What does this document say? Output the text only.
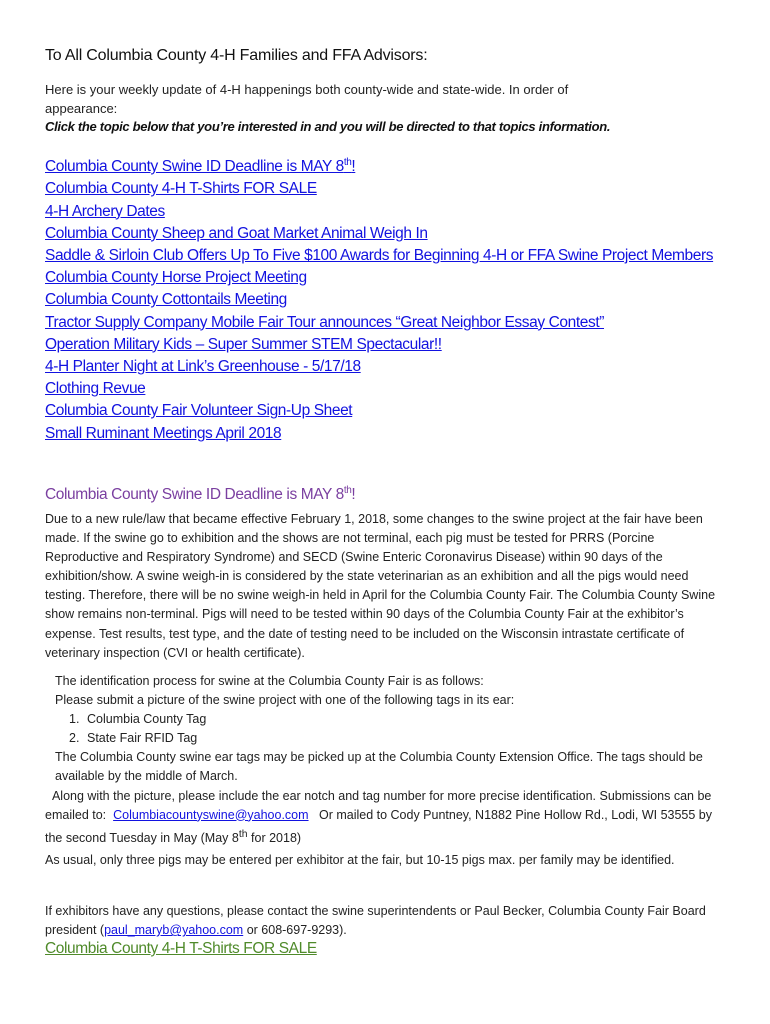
To All Columbia County 4-H Families and FFA Advisors:
Here is your weekly update of 4-H happenings both county-wide and state-wide. In order of appearance:
Click the topic below that you’re interested in and you will be directed to that topics information.
Columbia County Swine ID Deadline is MAY 8th!
Columbia County 4-H T-Shirts FOR SALE
4-H Archery Dates
Columbia County Sheep and Goat Market Animal Weigh In
Saddle & Sirloin Club Offers Up To Five $100 Awards for Beginning 4-H or FFA Swine Project Members
Columbia County Horse Project Meeting
Columbia County Cottontails Meeting
Tractor Supply Company Mobile Fair Tour announces “Great Neighbor Essay Contest”
Operation Military Kids – Super Summer STEM Spectacular!!
4-H Planter Night at Link’s Greenhouse - 5/17/18
Clothing Revue
Columbia County Fair Volunteer Sign-Up Sheet
Small Ruminant Meetings April 2018
Columbia County Swine ID Deadline is MAY 8th!

Due to a new rule/law that became effective February 1, 2018, some changes to the swine project at the fair have been made. If the swine go to exhibition and the shows are not terminal, each pig must be tested for PRRS (Porcine Reproductive and Respiratory Syndrome) and SECD (Swine Enteric Coronavirus Disease) within 90 days of the exhibition/show. A swine weigh-in is considered by the state veterinarian as an exhibition and all the pigs would need testing. Therefore, there will be no swine weigh-in held in April for the Columbia County Fair. The Columbia County Swine show remains non-terminal. Pigs will need to be tested within 90 days of the Columbia County Fair at the exhibitor’s expense. Test results, test type, and the date of testing need to be included on the Wisconsin intrastate certificate of veterinary inspection (CVI or health certificate).

The identification process for swine at the Columbia County Fair is as follows:

Please submit a picture of the swine project with one of the following tags in its ear:

1. Columbia County Tag
2. State Fair RFID Tag

The Columbia County swine ear tags may be picked up at the Columbia County Extension Office. The tags should be available by the middle of March.

Along with the picture, please include the ear notch and tag number for more precise identification. Submissions can be emailed to: Columbiacountyswine@yahoo.com Or mailed to Cody Puntney, N1882 Pine Hollow Rd., Lodi, WI 53555 by the second Tuesday in May (May 8th for 2018)

As usual, only three pigs may be entered per exhibitor at the fair, but 10-15 pigs max. per family may be identified.

If exhibitors have any questions, please contact the swine superintendents or Paul Becker, Columbia County Fair Board president (paul_maryb@yahoo.com or 608-697-9293).

Columbia County 4-H T-Shirts FOR SALE
